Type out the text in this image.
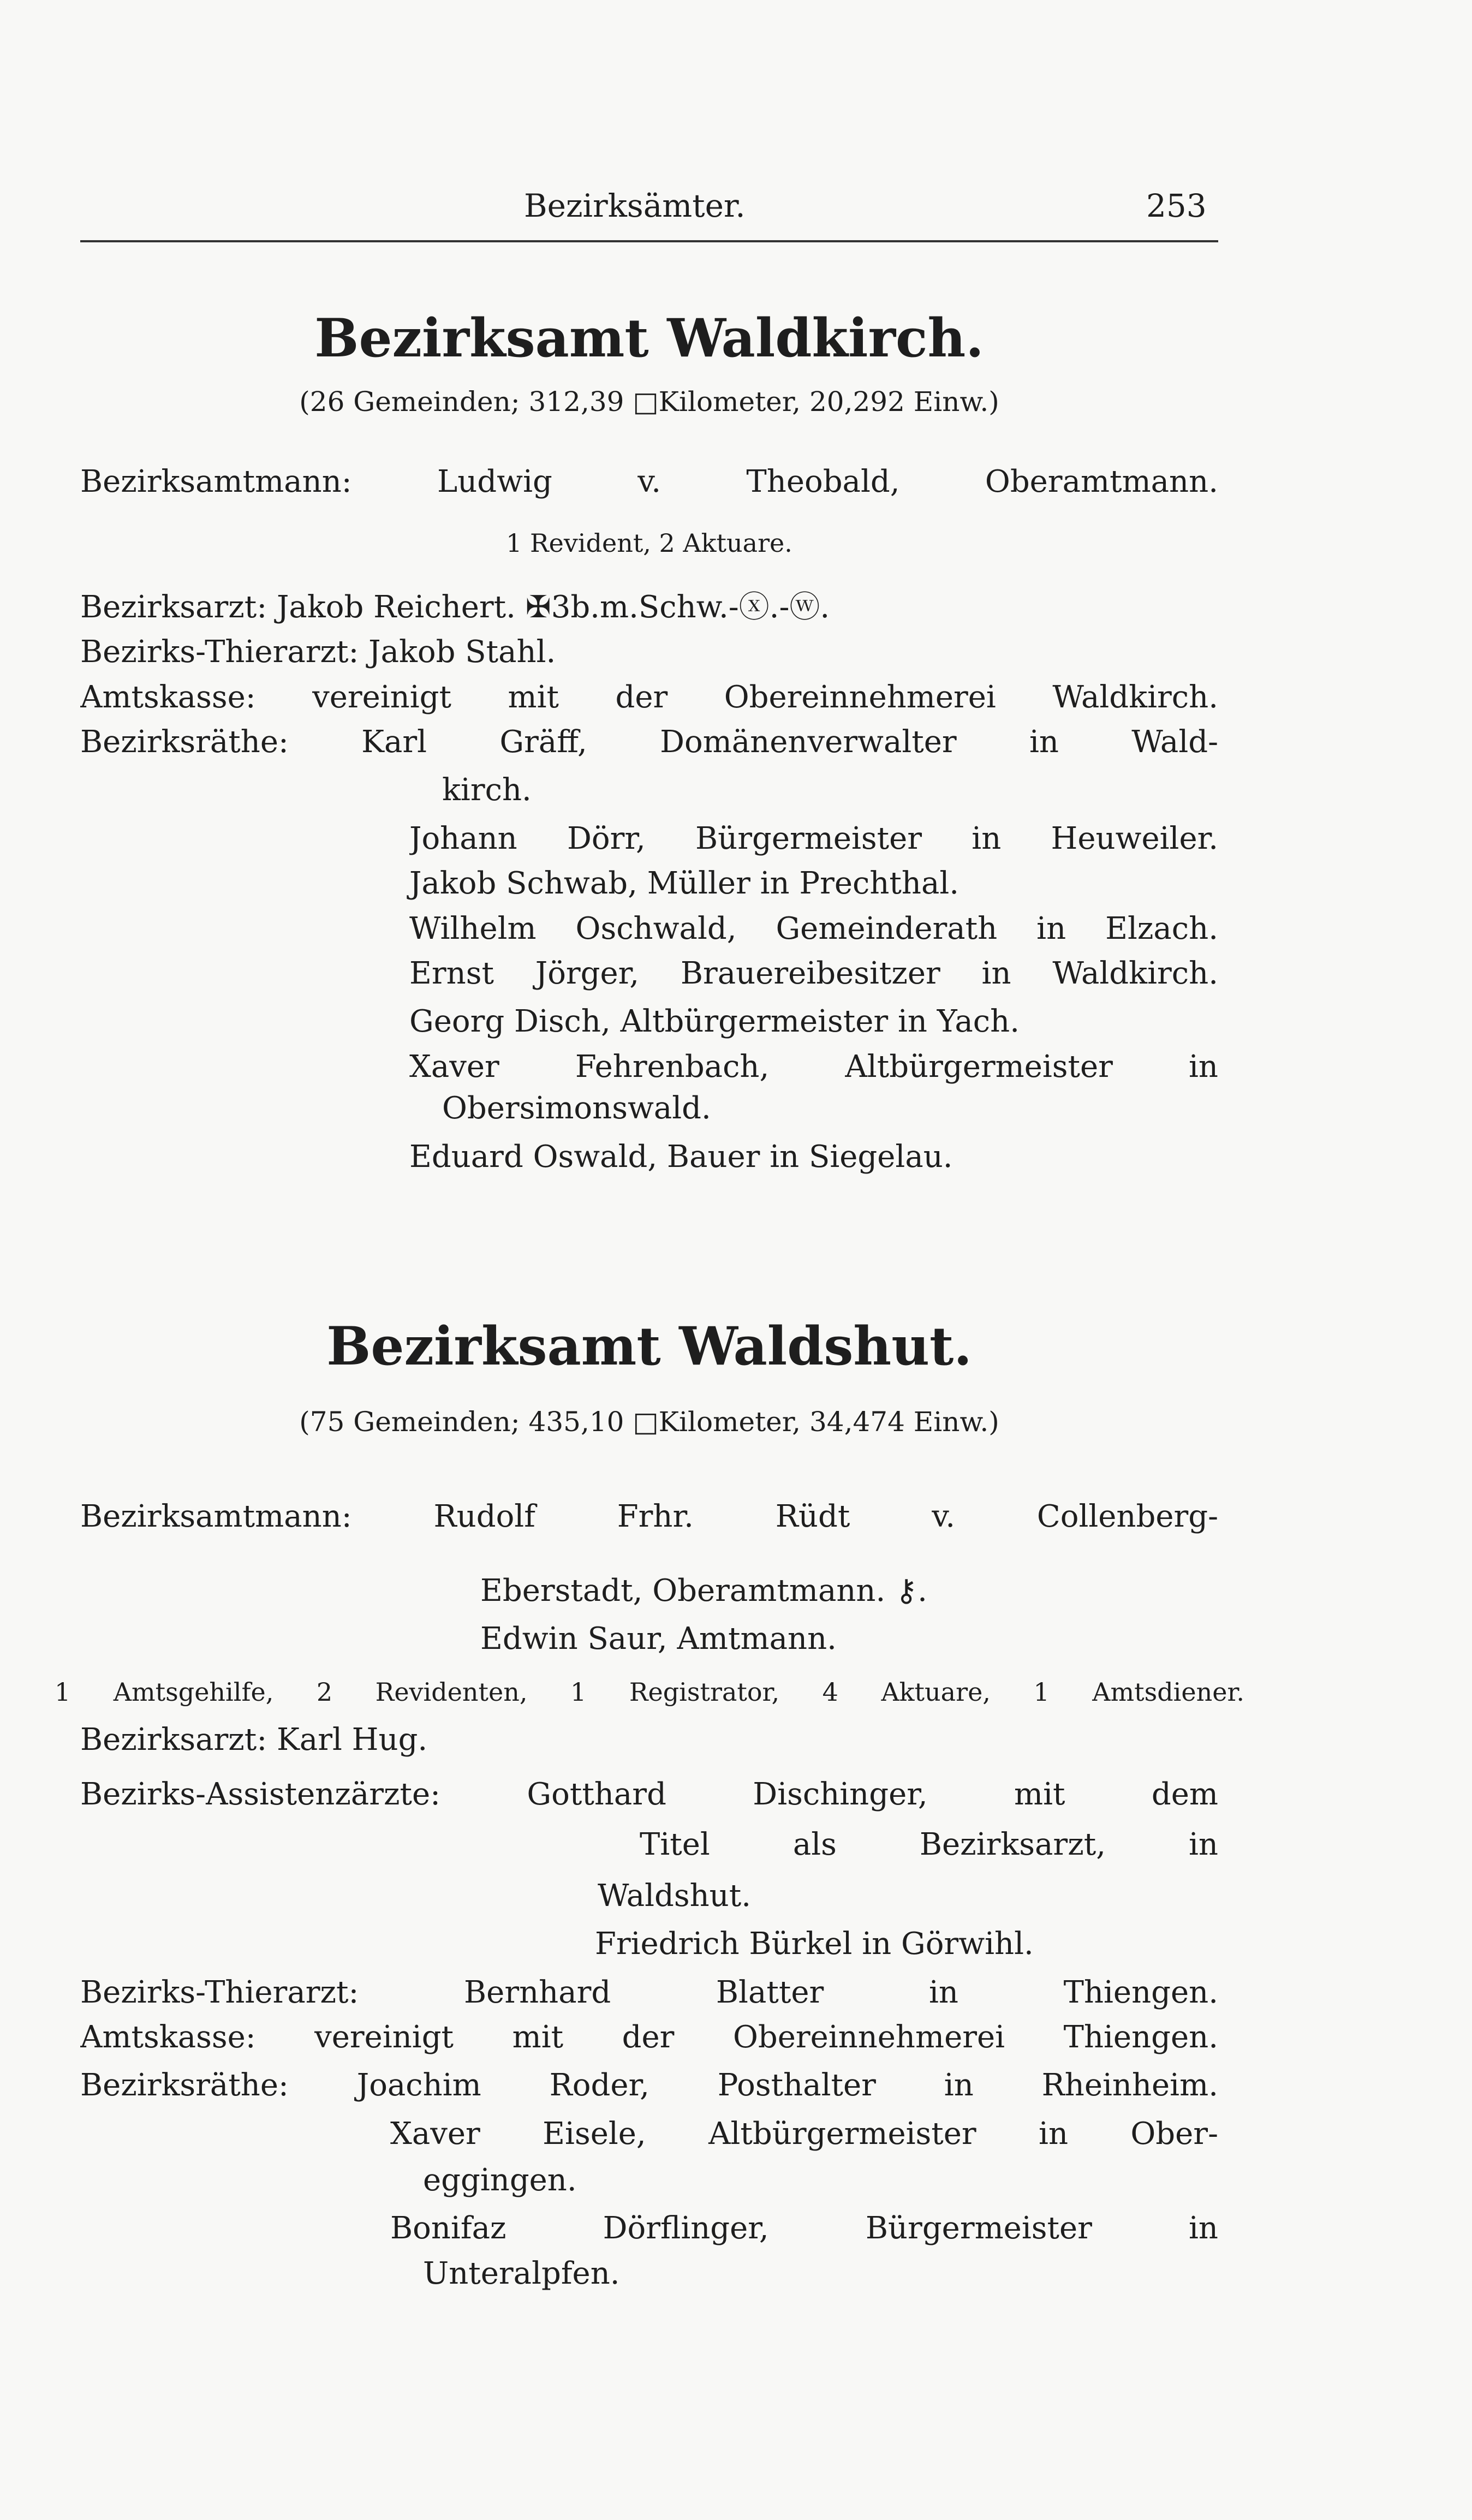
Bezirksämter.	253
Bezirksamt Waldkirch.
(26 Gemeinden; 312,39 □Kilometer, 20,292 Einw.)
Bezirksamtmann: Ludwig v. Theobald, Oberamtmann.
1 Revident, 2 Aktuare.
Bezirksarzt: Jakob Reichert. ✠3b.m.Schw.-ⓧ.-ⓦ.
Bezirks-Thierarzt: Jakob Stahl.
Amtskasse: vereinigt mit der Obereinnehmerei Waldkirch.
Bezirksräthe: Karl Gräff, Domänenverwalter in Wald-
kirch.
Johann Dörr, Bürgermeister in Heuweiler.
Jakob Schwab, Müller in Prechthal.
Wilhelm Oschwald, Gemeinderath in Elzach.
Ernst Jörger, Brauereibesitzer in Waldkirch.
Georg Disch, Altbürgermeister in Yach.
Xaver Fehrenbach, Altbürgermeister in
Obersimonswald.
Eduard Oswald, Bauer in Siegelau.
Bezirksamt Waldshut.
(75 Gemeinden; 435,10 □Kilometer, 34,474 Einw.)
Bezirksamtmann: Rudolf Frhr. Rüdt v. Collenberg-
Eberstadt, Oberamtmann. ⚷.
Edwin Saur, Amtmann.
1 Amtsgehilfe, 2 Revidenten, 1 Registrator, 4 Aktuare, 1 Amtsdiener.
Bezirksarzt: Karl Hug.
Bezirks-Assistenzärzte: Gotthard Dischinger, mit dem
Titel als Bezirksarzt, in
Waldshut.
Friedrich Bürkel in Görwihl.
Bezirks-Thierarzt: Bernhard Blatter in Thiengen.
Amtskasse: vereinigt mit der Obereinnehmerei Thiengen.
Bezirksräthe: Joachim Roder, Posthalter in Rheinheim.
Xaver Eisele, Altbürgermeister in Ober-
eggingen.
Bonifaz Dörflinger, Bürgermeister in
Unteralpfen.
